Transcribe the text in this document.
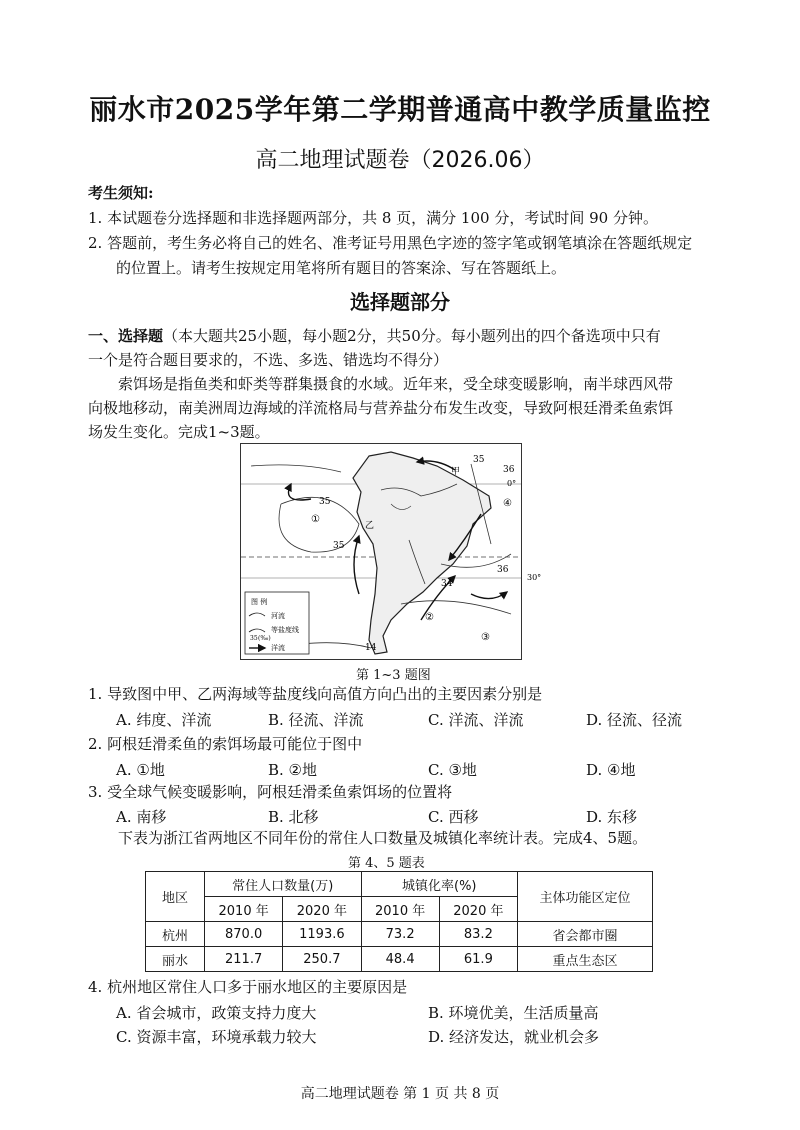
丽水市2025学年第二学期普通高中教学质量监控
高二地理试题卷（2026.06）
考生须知:
1. 本试题卷分选择题和非选择题两部分，共 8 页，满分 100 分，考试时间 90 分钟。
2. 答题前，考生务必将自己的姓名、准考证号用黑色字迹的签字笔或钢笔填涂在答题纸规定
的位置上。请考生按规定用笔将所有题目的答案涂、写在答题纸上。
选择题部分
一、选择题（本大题共25小题，每小题2分，共50分。每小题列出的四个备选项中只有
一个是符合题目要求的，不选、多选、错选均不得分）
索饵场是指鱼类和虾类等群集摄食的水域。近年来，受全球变暖影响，南半球西风带
向极地移动，南美洲周边海域的洋流格局与营养盐分布发生改变，导致阿根廷滑柔鱼索饵
场发生变化。完成1~3题。
35
35
35
36
36
34
14
甲
乙
①
②
③
④
0°
30°
图 例
河流
35 (‰)
等盐度线
洋流
第 1~3 题图
1. 导致图中甲、乙两海域等盐度线向高值方向凸出的主要因素分别是
A. 纬度、洋流	B. 径流、洋流	C. 洋流、洋流	D. 径流、径流
2. 阿根廷滑柔鱼的索饵场最可能位于图中
A. ①地	B. ②地	C. ③地	D. ④地
3. 受全球气候变暖影响，阿根廷滑柔鱼索饵场的位置将
A. 南移	B. 北移	C. 西移	D. 东移
下表为浙江省两地区不同年份的常住人口数量及城镇化率统计表。完成4、5题。
第 4、5 题表
地区	常住人口数量(万)		城镇化率(%)		主体功能区定位
	2010 年	2020 年	2010 年	2020 年	
杭州	870.0	1193.6	73.2	83.2	省会都市圈
丽水	211.7	250.7	48.4	61.9	重点生态区
4. 杭州地区常住人口多于丽水地区的主要原因是
A. 省会城市，政策支持力度大	B. 环境优美，生活质量高
C. 资源丰富，环境承载力较大	D. 经济发达，就业机会多
高二地理试题卷 第 1 页 共 8 页
